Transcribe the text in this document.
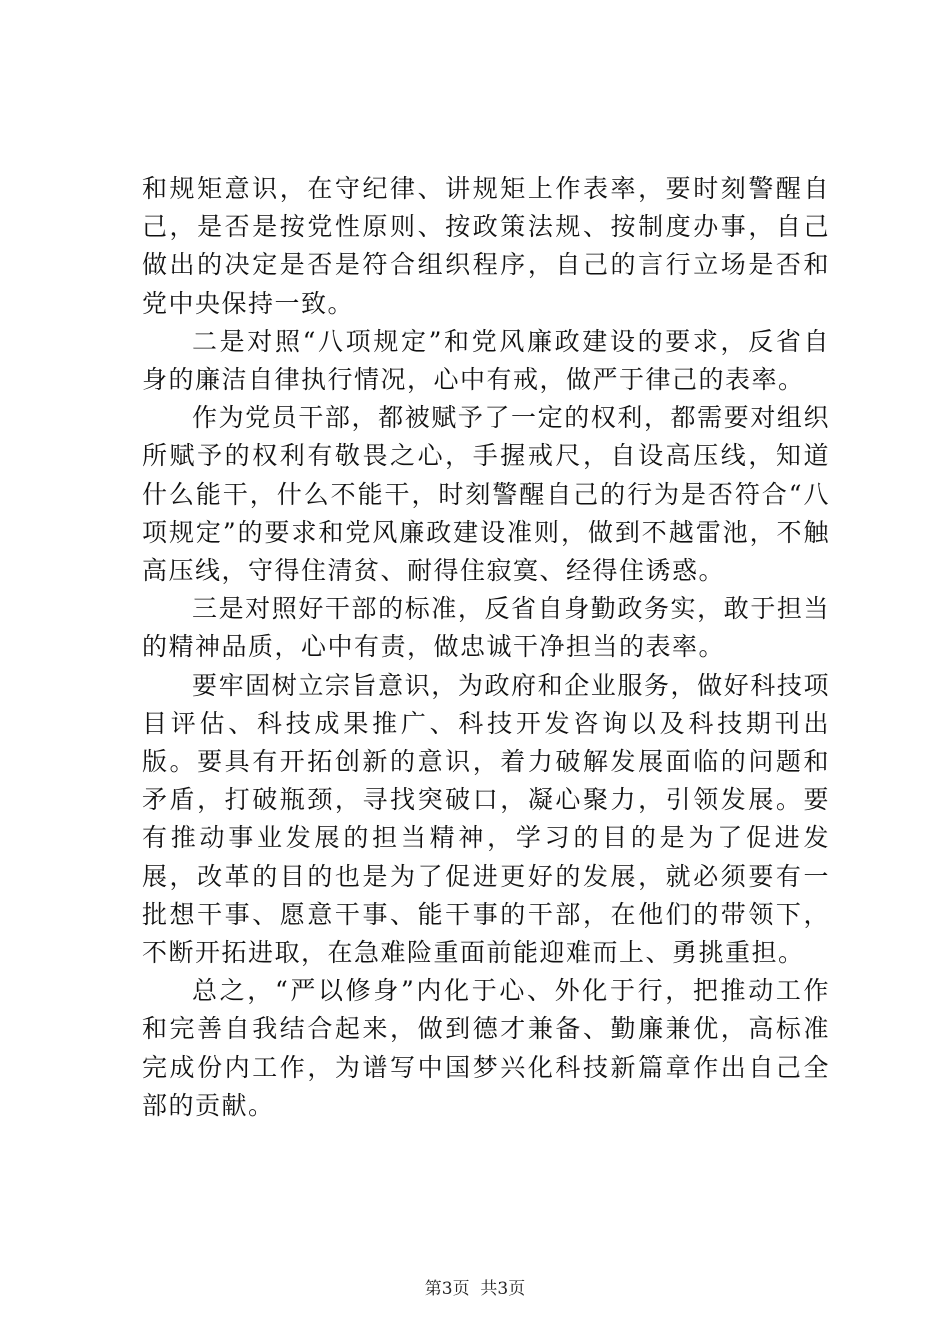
和规矩意识，在守纪律、讲规矩上作表率，要时刻警醒自己，是否是按党性原则、按政策法规、按制度办事，自己做出的决定是否是符合组织程序，自己的言行立场是否和党中央保持一致。

二是对照“八项规定”和党风廉政建设的要求，反省自身的廉洁自律执行情况，心中有戒，做严于律己的表率。

作为党员干部，都被赋予了一定的权利，都需要对组织所赋予的权利有敬畏之心，手握戒尺，自设高压线，知道什么能干，什么不能干，时刻警醒自己的行为是否符合“八项规定”的要求和党风廉政建设准则，做到不越雷池，不触高压线，守得住清贫、耐得住寂寞、经得住诱惑。

三是对照好干部的标准，反省自身勤政务实，敢于担当的精神品质，心中有责，做忠诚干净担当的表率。

要牢固树立宗旨意识，为政府和企业服务，做好科技项目评估、科技成果推广、科技开发咨询以及科技期刊出版。要具有开拓创新的意识，着力破解发展面临的问题和矛盾，打破瓶颈，寻找突破口，凝心聚力，引领发展。要有推动事业发展的担当精神，学习的目的是为了促进发展，改革的目的也是为了促进更好的发展，就必须要有一批想干事、愿意干事、能干事的干部，在他们的带领下，不断开拓进取，在急难险重面前能迎难而上、勇挑重担。

总之，“严以修身”内化于心、外化于行，把推动工作和完善自我结合起来，做到德才兼备、勤廉兼优，高标准完成份内工作，为谱写中国梦兴化科技新篇章作出自己全部的贡献。

第3页  共3页
